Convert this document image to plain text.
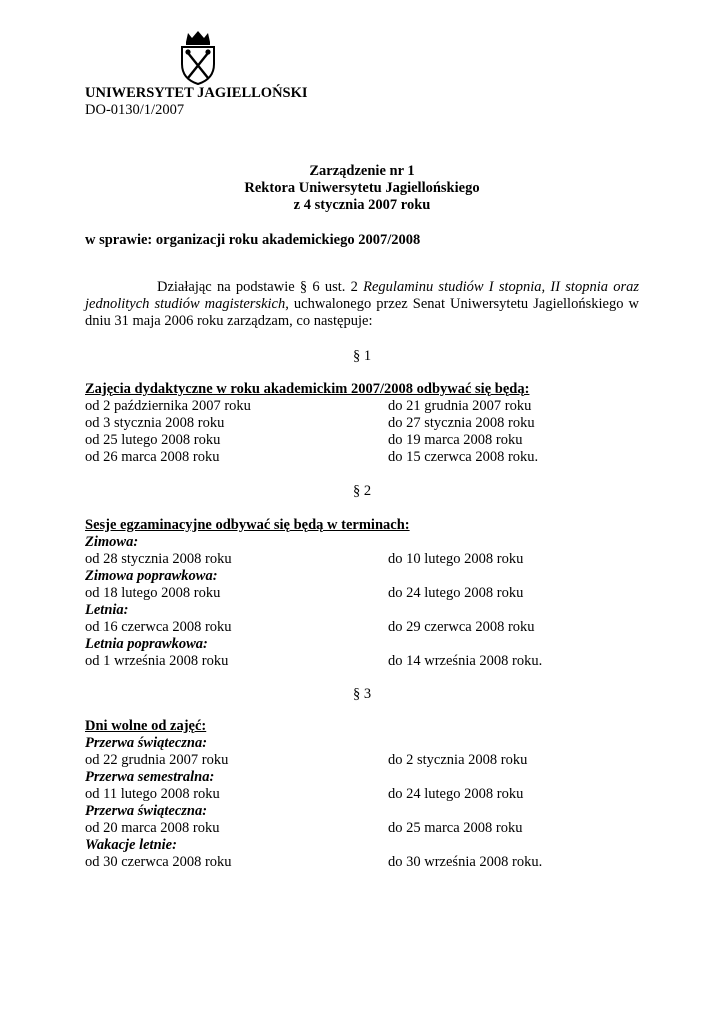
UNIWERSYTET JAGIELLOŃSKI
DO-0130/1/2007
Zarządzenie nr 1
Rektora Uniwersytetu Jagiellońskiego
z 4 stycznia 2007 roku
w sprawie: organizacji roku akademickiego 2007/2008
Działając na podstawie § 6 ust. 2 Regulaminu studiów I stopnia, II stopnia oraz jednolitych studiów magisterskich, uchwalonego przez Senat Uniwersytetu Jagiellońskiego w dniu 31 maja 2006 roku zarządzam, co następuje:
§ 1
Zajęcia dydaktyczne w roku akademickim 2007/2008 odbywać się będą:
od 2 października 2007 roku	do 21 grudnia 2007 roku
od 3 stycznia 2008 roku	do 27 stycznia 2008 roku
od 25 lutego 2008 roku	do 19 marca 2008 roku
od 26 marca 2008 roku	do 15 czerwca 2008 roku.
§ 2
Sesje egzaminacyjne odbywać się będą w terminach:
Zimowa:
od 28 stycznia 2008 roku	do 10 lutego 2008 roku
Zimowa poprawkowa:
od 18 lutego 2008 roku	do 24 lutego 2008 roku
Letnia:
od 16 czerwca 2008 roku	do 29 czerwca 2008 roku
Letnia poprawkowa:
od 1 września 2008 roku	do 14 września 2008 roku.
§ 3
Dni wolne od zajęć:
Przerwa świąteczna:
od 22 grudnia 2007 roku	do 2 stycznia 2008 roku
Przerwa semestralna:
od 11 lutego 2008 roku	do 24 lutego 2008 roku
Przerwa świąteczna:
od 20 marca 2008 roku	do 25 marca 2008 roku
Wakacje letnie:
od 30 czerwca 2008 roku	do 30 września 2008 roku.
